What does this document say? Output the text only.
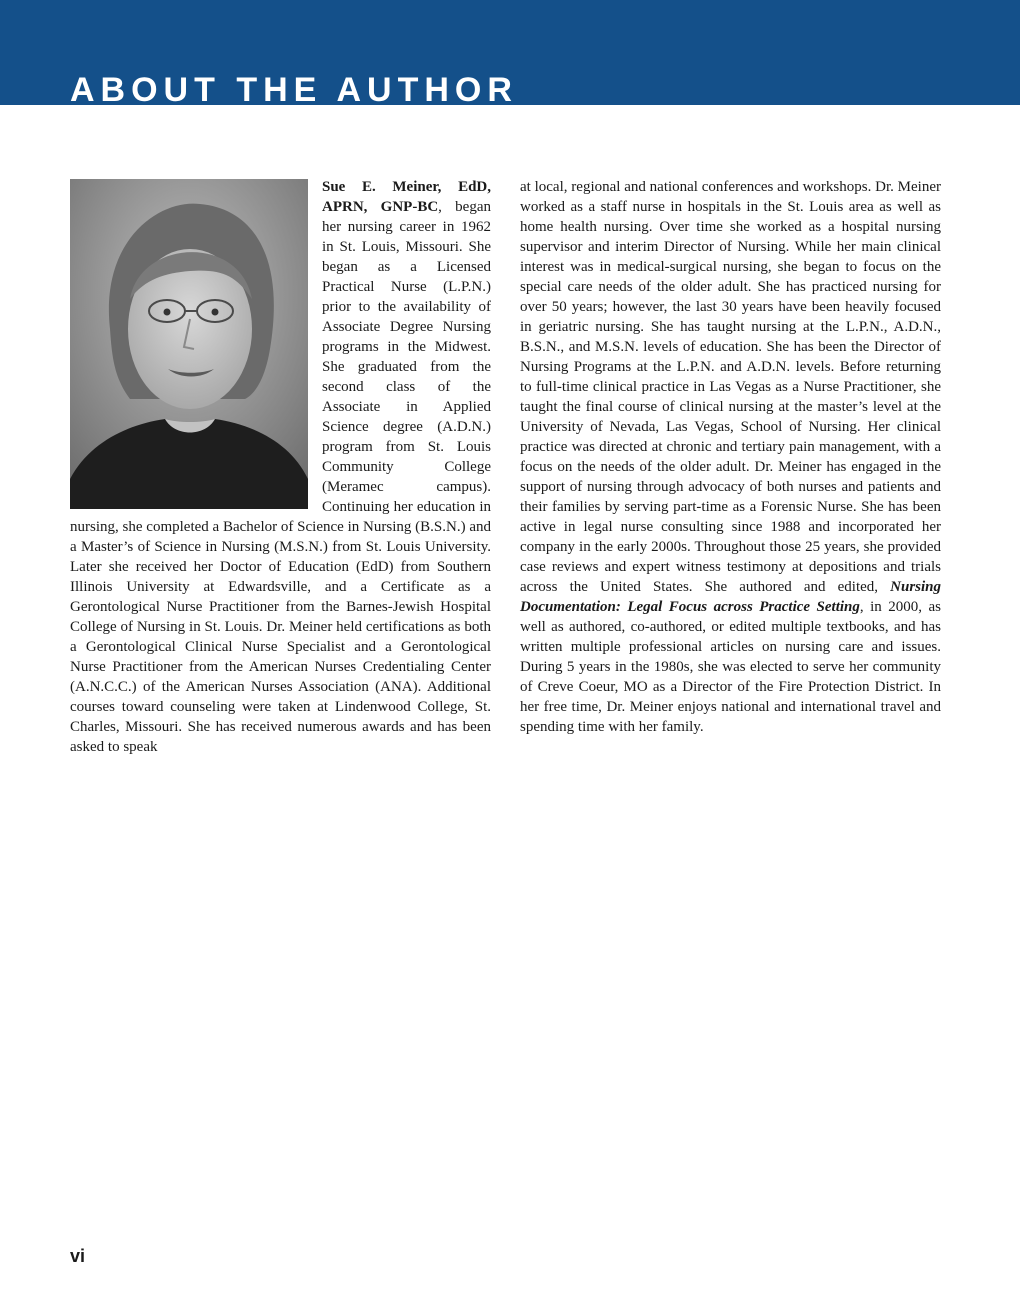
ABOUT THE AUTHOR

Sue E. Meiner, EdD, APRN, GNP-BC, began her nursing career in 1962 in St. Louis, Missouri. She began as a Licensed Practical Nurse (L.P.N.) prior to the availability of Associate Degree Nursing programs in the Midwest. She graduated from the second class of the Associate in Applied Science degree (A.D.N.) program from St. Louis Community College (Meramec campus). Continuing her education in nursing, she completed a Bachelor of Science in Nursing (B.S.N.) and a Master’s of Science in Nursing (M.S.N.) from St. Louis University. Later she received her Doctor of Education (EdD) from Southern Illinois University at Edwardsville, and a Certificate as a Gerontological Nurse Practitioner from the Barnes-Jewish Hospital College of Nursing in St. Louis. Dr. Meiner held certifications as both a Gerontological Clinical Nurse Specialist and a Gerontological Nurse Practitioner from the American Nurses Credentialing Center (A.N.C.C.) of the American Nurses Association (ANA). Additional courses toward counseling were taken at Lindenwood College, St. Charles, Missouri. She has received numerous awards and has been asked to speak

at local, regional and national conferences and workshops. Dr. Meiner worked as a staff nurse in hospitals in the St. Louis area as well as home health nursing. Over time she worked as a hospital nursing supervisor and interim Director of Nursing. While her main clinical interest was in medical-surgical nursing, she began to focus on the special care needs of the older adult. She has practiced nursing for over 50 years; however, the last 30 years have been heavily focused in geriatric nursing. She has taught nursing at the L.P.N., A.D.N., B.S.N., and M.S.N. levels of education. She has been the Director of Nursing Programs at the L.P.N. and A.D.N. levels. Before returning to full-time clinical practice in Las Vegas as a Nurse Practitioner, she taught the final course of clinical nursing at the master’s level at the University of Nevada, Las Vegas, School of Nursing. Her clinical practice was directed at chronic and tertiary pain management, with a focus on the needs of the older adult. Dr. Meiner has engaged in the support of nursing through advocacy of both nurses and patients and their families by serving part-time as a Forensic Nurse. She has been active in legal nurse consulting since 1988 and incorporated her company in the early 2000s. Throughout those 25 years, she provided case reviews and expert witness testimony at depositions and trials across the United States. She authored and edited, Nursing Documentation: Legal Focus across Practice Setting, in 2000, as well as authored, co-authored, or edited multiple textbooks, and has written multiple professional articles on nursing care and issues. During 5 years in the 1980s, she was elected to serve her community of Creve Coeur, MO as a Director of the Fire Protection District. In her free time, Dr. Meiner enjoys national and international travel and spending time with her family.

vi
